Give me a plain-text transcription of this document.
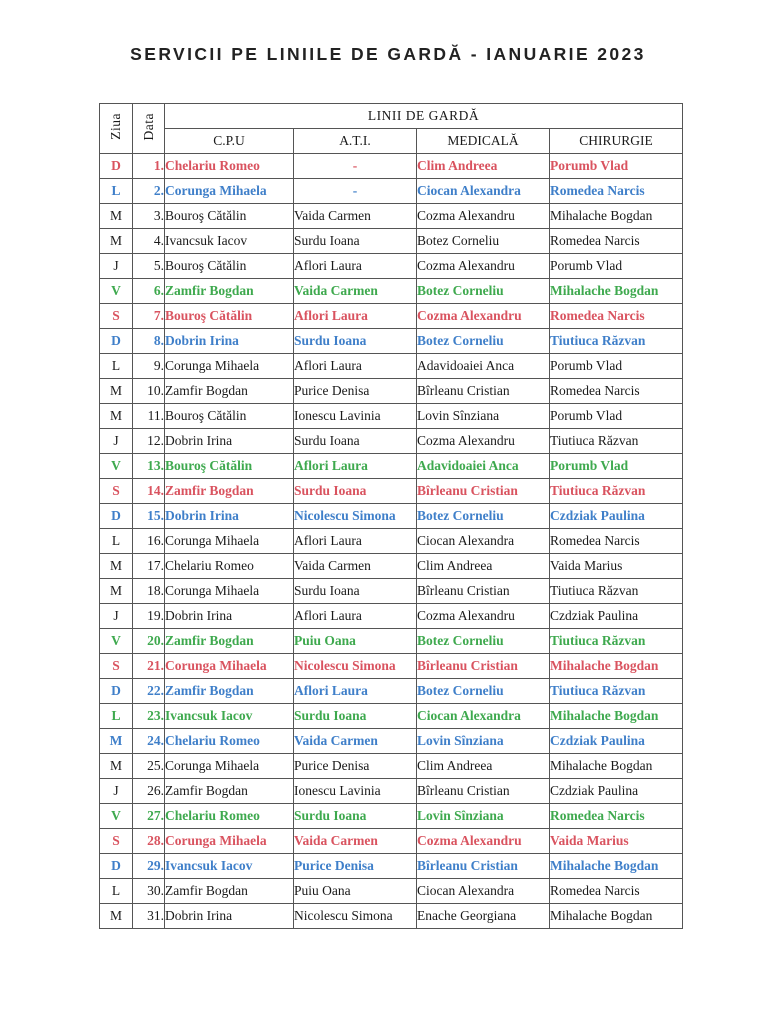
SERVICII PE LINIILE DE GARDĂ - IANUARIE 2023
Ziua	Data	LINII DE GARDĂ			
		C.P.U	A.T.I.	MEDICALĂ	CHIRURGIE
D	1.	Chelariu Romeo	-	Clim Andreea	Porumb Vlad
L	2.	Corunga Mihaela	-	Ciocan Alexandra	Romedea Narcis
M	3.	Bouroş Cătălin	Vaida Carmen	Cozma Alexandru	Mihalache Bogdan
M	4.	Ivancsuk Iacov	Surdu Ioana	Botez Corneliu	Romedea Narcis
J	5.	Bouroş Cătălin	Aflori Laura	Cozma Alexandru	Porumb Vlad
V	6.	Zamfir Bogdan	Vaida Carmen	Botez Corneliu	Mihalache Bogdan
S	7.	Bouroş Cătălin	Aflori Laura	Cozma Alexandru	Romedea Narcis
D	8.	Dobrin Irina	Surdu Ioana	Botez Corneliu	Tiutiuca Răzvan
L	9.	Corunga Mihaela	Aflori Laura	Adavidoaiei Anca	Porumb Vlad
M	10.	Zamfir Bogdan	Purice Denisa	Bîrleanu Cristian	Romedea Narcis
M	11.	Bouroş Cătălin	Ionescu Lavinia	Lovin Sînziana	Porumb Vlad
J	12.	Dobrin Irina	Surdu Ioana	Cozma Alexandru	Tiutiuca Răzvan
V	13.	Bouroş Cătălin	Aflori Laura	Adavidoaiei Anca	Porumb Vlad
S	14.	Zamfir Bogdan	Surdu Ioana	Bîrleanu Cristian	Tiutiuca Răzvan
D	15.	Dobrin Irina	Nicolescu Simona	Botez Corneliu	Czdziak Paulina
L	16.	Corunga Mihaela	Aflori Laura	Ciocan Alexandra	Romedea Narcis
M	17.	Chelariu Romeo	Vaida Carmen	Clim Andreea	Vaida Marius
M	18.	Corunga Mihaela	Surdu Ioana	Bîrleanu Cristian	Tiutiuca Răzvan
J	19.	Dobrin Irina	Aflori Laura	Cozma Alexandru	Czdziak Paulina
V	20.	Zamfir Bogdan	Puiu Oana	Botez Corneliu	Tiutiuca Răzvan
S	21.	Corunga Mihaela	Nicolescu Simona	Bîrleanu Cristian	Mihalache Bogdan
D	22.	Zamfir Bogdan	Aflori Laura	Botez Corneliu	Tiutiuca Răzvan
L	23.	Ivancsuk Iacov	Surdu Ioana	Ciocan Alexandra	Mihalache Bogdan
M	24.	Chelariu Romeo	Vaida Carmen	Lovin Sînziana	Czdziak Paulina
M	25.	Corunga Mihaela	Purice Denisa	Clim Andreea	Mihalache Bogdan
J	26.	Zamfir Bogdan	Ionescu Lavinia	Bîrleanu Cristian	Czdziak Paulina
V	27.	Chelariu Romeo	Surdu Ioana	Lovin Sînziana	Romedea Narcis
S	28.	Corunga Mihaela	Vaida Carmen	Cozma Alexandru	Vaida Marius
D	29.	Ivancsuk Iacov	Purice Denisa	Bîrleanu Cristian	Mihalache Bogdan
L	30.	Zamfir Bogdan	Puiu Oana	Ciocan Alexandra	Romedea Narcis
M	31.	Dobrin Irina	Nicolescu Simona	Enache Georgiana	Mihalache Bogdan
